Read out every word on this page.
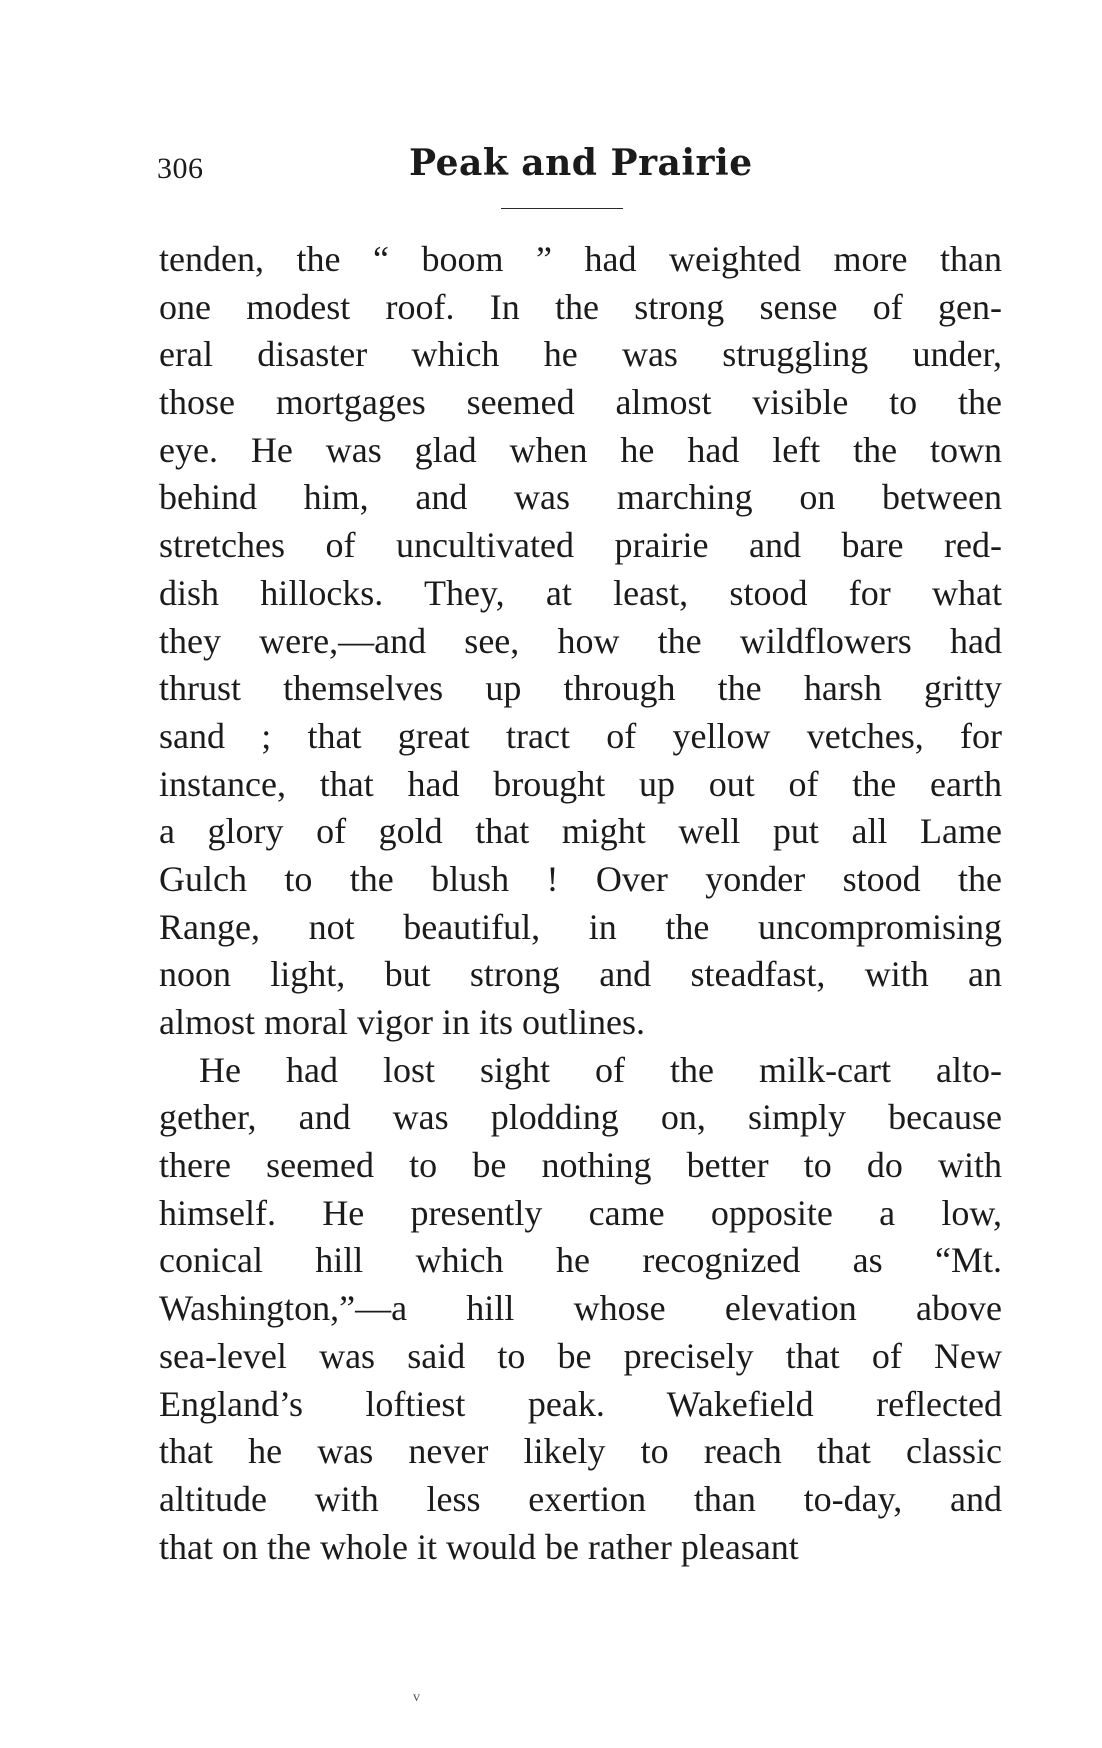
306	Peak and Prairie
tenden, the “ boom ” had weighted more than
one modest roof. In the strong sense of gen-
eral disaster which he was struggling under,
those mortgages seemed almost visible to the
eye. He was glad when he had left the town
behind him, and was marching on between
stretches of uncultivated prairie and bare red-
dish hillocks. They, at least, stood for what
they were,—and see, how the wildflowers had
thrust themselves up through the harsh gritty
sand ; that great tract of yellow vetches, for
instance, that had brought up out of the earth
a glory of gold that might well put all Lame
Gulch to the blush ! Over yonder stood the
Range, not beautiful, in the uncompromising
noon light, but strong and steadfast, with an
almost moral vigor in its outlines.
He had lost sight of the milk-cart alto-
gether, and was plodding on, simply because
there seemed to be nothing better to do with
himself. He presently came opposite a low,
conical hill which he recognized as “Mt.
Washington,”—a hill whose elevation above
sea-level was said to be precisely that of New
England’s loftiest peak. Wakefield reflected
that he was never likely to reach that classic
altitude with less exertion than to-day, and
that on the whole it would be rather pleasant
v
